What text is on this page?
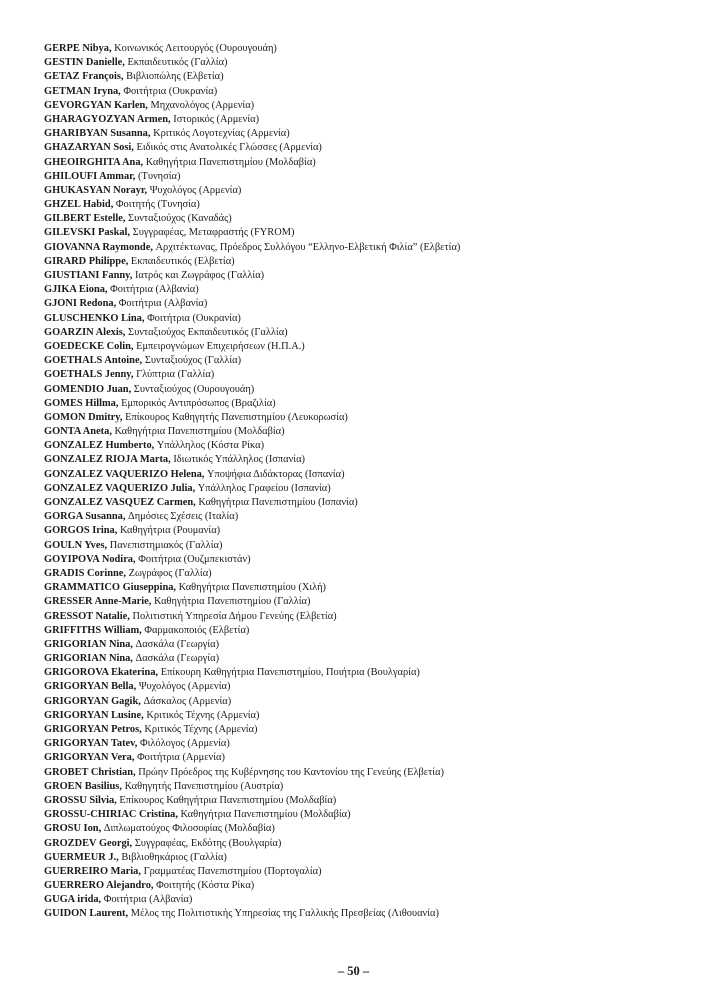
GERPE Nibya, Κοινωνικός Λειτουργός (Ουρουγουάη)
GESTIN Danielle, Εκπαιδευτικός (Γαλλία)
GETAZ François, Βιβλιοπώλης (Ελβετία)
GETMAN Iryna, Φοιτήτρια (Ουκρανία)
GEVORGYAN Karlen, Μηχανολόγος (Αρμενία)
GHARAGYOZYAN Armen, Ιστορικός (Αρμενία)
GHARIBYAN Susanna, Κριτικός Λογοτεχνίας (Αρμενία)
GHAZARYAN Sosi, Ειδικός στις Ανατολικές Γλώσσες (Αρμενία)
GHEOIRGHITA Ana, Καθηγήτρια Πανεπιστημίου (Μολδαβία)
GHILOUFI Ammar, (Τυνησία)
GHUKASYAN Norayr, Ψυχολόγος (Αρμενία)
GHZEL Habid, Φοιτητής (Τυνησία)
GILBERT Estelle, Συνταξιούχος (Καναδάς)
GILEVSKI Paskal, Συγγραφέας, Μεταφραστής (FYROM)
GIOVANNA Raymonde, Αρχιτέκτωνας, Πρόεδρος Συλλόγου “Ελληνο-Ελβετική Φιλία” (Ελβετία)
GIRARD Philippe, Εκπαιδευτικός (Ελβετία)
GIUSTIANI Fanny, Ιατρός και Ζωγράφος (Γαλλία)
GJIKA Eiona, Φοιτήτρια (Αλβανία)
GJONI Redona, Φοιτήτρια (Αλβανία)
GLUSCHENKO Lina, Φοιτήτρια (Ουκρανία)
GOARZIN Alexis, Συνταξιούχος Εκπαιδευτικός (Γαλλία)
GOEDECKE Colin, Εμπειρογνώμων Επιχειρήσεων (Η.Π.Α.)
GOETHALS Antoine, Συνταξιούχος (Γαλλία)
GOETHALS Jenny, Γλύπτρια (Γαλλία)
GOMENDIO Juan, Συνταξιούχος (Ουρουγουάη)
GOMES Hillma, Εμπορικός Αντιπρόσωπος (Βραζιλία)
GOMON Dmitry, Επίκουρος Καθηγητής Πανεπιστημίου (Λευκορωσία)
GONTA Aneta, Καθηγήτρια Πανεπιστημίου (Μολδαβία)
GONZALEZ Humberto, Υπάλληλος (Κόστα Ρίκα)
GONZALEZ RIOJA Marta, Ιδιωτικός Υπάλληλος (Ισπανία)
GONZALEZ VAQUERIZO Helena, Υποψήφια Διδάκτορας (Ισπανία)
GONZALEZ VAQUERIZO Julia, Υπάλληλος Γραφείου (Ισπανία)
GONZALEZ VASQUEZ Carmen, Καθηγήτρια Πανεπιστημίου (Ισπανία)
GORGA Susanna, Δημόσιες Σχέσεις (Ιταλία)
GORGOS Irina, Καθηγήτρια (Ρουμανία)
GOULN Yves, Πανεπιστημιακός (Γαλλία)
GOYIPOVA Nodira, Φοιτήτρια (Ουζμπεκιστάν)
GRADIS Corinne, Ζωγράφος (Γαλλία)
GRAMMATICO Giuseppina, Καθηγήτρια Πανεπιστημίου (Χιλή)
GRESSER Anne-Marie, Καθηγήτρια Πανεπιστημίου (Γαλλία)
GRESSOT Natalie, Πολιτιστική Υπηρεσία Δήμου Γενεύης (Ελβετία)
GRIFFITHS William, Φαρμακοποιός (Ελβετία)
GRIGORIAN Nina, Δασκάλα (Γεωργία)
GRIGORIAN Nina, Δασκάλα (Γεωργία)
GRIGOROVA Ekaterina, Επίκουρη Καθηγήτρια Πανεπιστημίου, Ποιήτρια (Βουλγαρία)
GRIGORYAN Bella, Ψυχολόγος (Αρμενία)
GRIGORYAN Gagik, Δάσκαλος (Αρμενία)
GRIGORYAN Lusine, Κριτικός Τέχνης (Αρμενία)
GRIGORYAN Petros, Κριτικός Τέχνης (Αρμενία)
GRIGORYAN Tatev, Φιλόλογος (Αρμενία)
GRIGORYAN Vera, Φοιτήτρια (Αρμενία)
GROBET Christian, Πρώην Πρόεδρος της Κυβέρνησης του Καντονίου της Γενεύης (Ελβετία)
GROEN Basilius, Καθηγητής Πανεπιστημίου (Αυστρία)
GROSSU Silvia, Επίκουρος Καθηγήτρια Πανεπιστημίου (Μολδαβία)
GROSSU-CHIRIAC Cristina, Καθηγήτρια Πανεπιστημίου (Μολδαβία)
GROSU Ion, Διπλωματούχος Φιλοσοφίας (Μολδαβία)
GROZDEV Georgi, Συγγραφέας, Εκδότης (Βουλγαρία)
GUERMEUR J., Βιβλιοθηκάριος (Γαλλία)
GUERREIRO Maria, Γραμματέας Πανεπιστημίου (Πορτογαλία)
GUERRERO Alejandro, Φοιτητής (Κόστα Ρίκα)
GUGA irida, Φοιτήτρια (Αλβανία)
GUIDON Laurent, Μέλος της Πολιτιστικής Υπηρεσίας της Γαλλικής Πρεσβείας (Λιθουανία)
– 50 –
